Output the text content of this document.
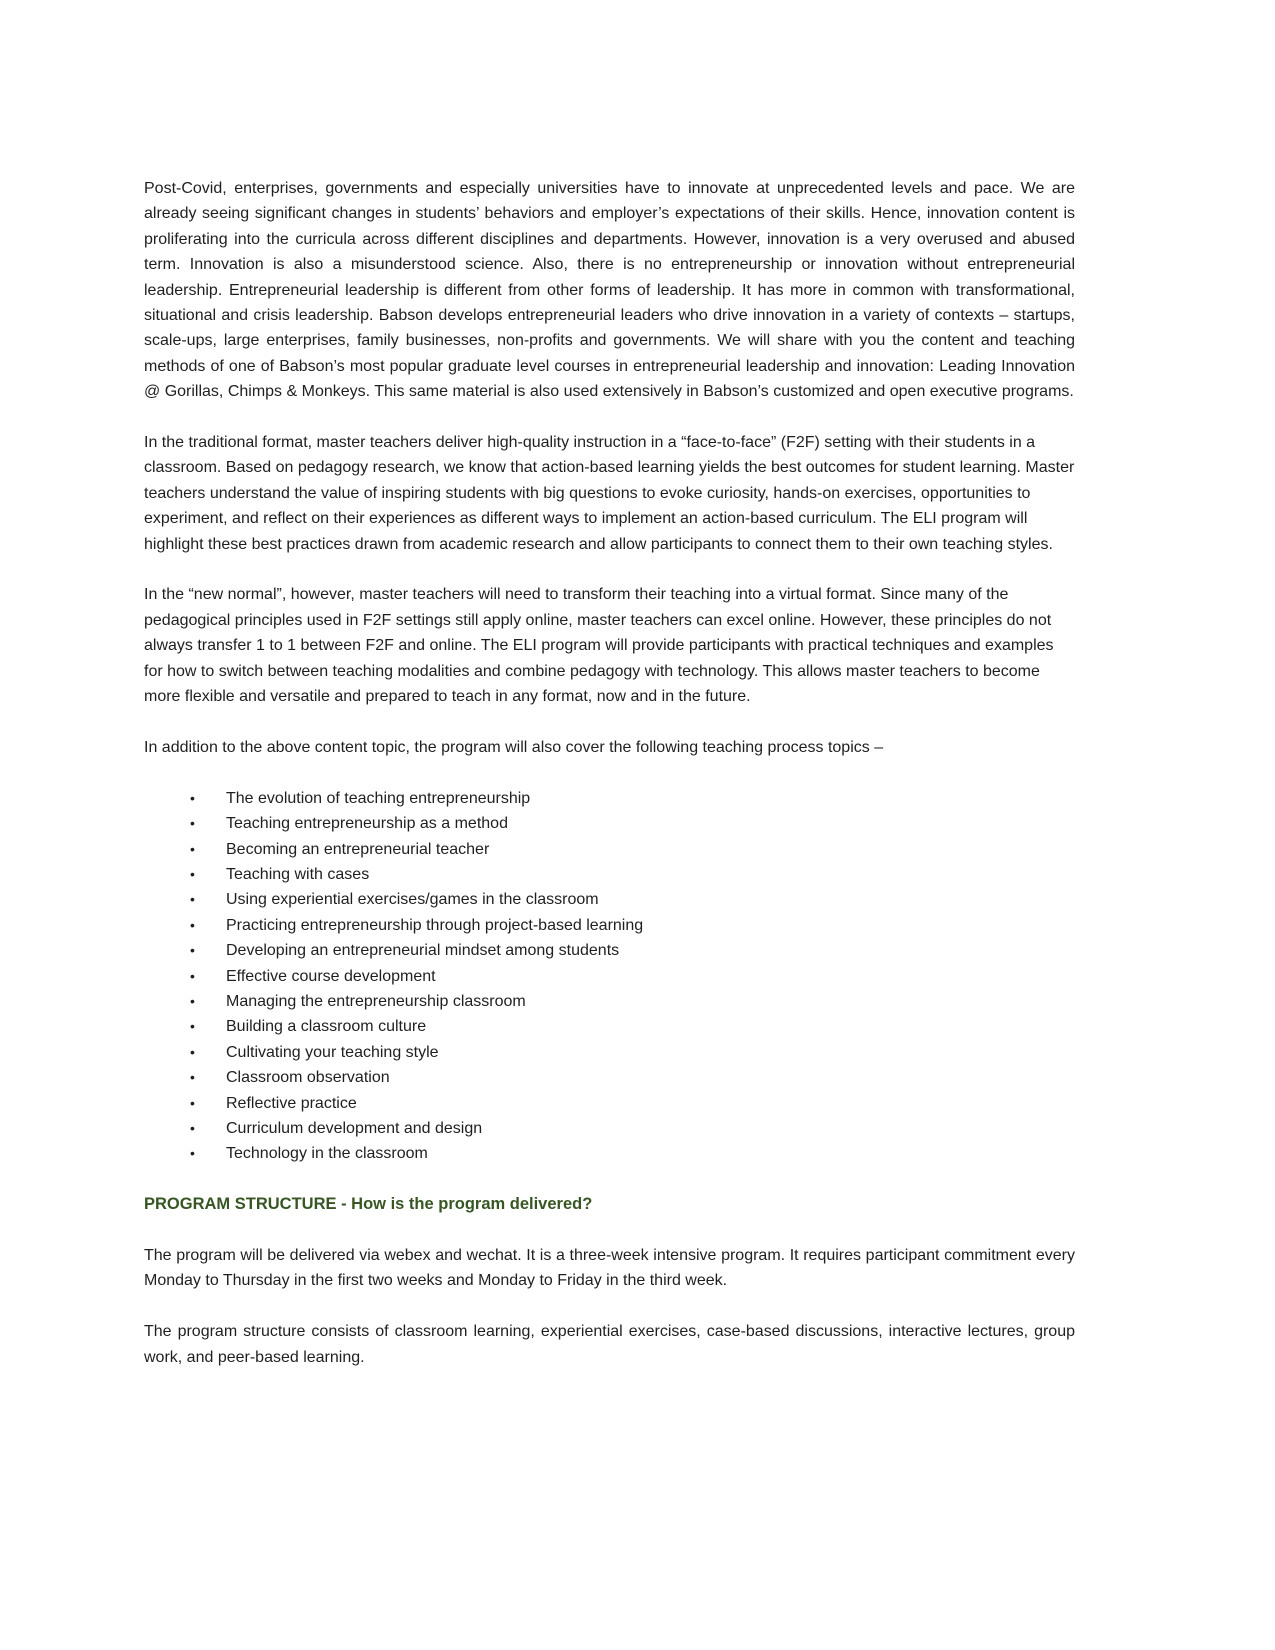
Post-Covid, enterprises, governments and especially universities have to innovate at unprecedented levels and pace. We are already seeing significant changes in students’ behaviors and employer’s expectations of their skills. Hence, innovation content is proliferating into the curricula across different disciplines and departments. However, innovation is a very overused and abused term. Innovation is also a misunderstood science. Also, there is no entrepreneurship or innovation without entrepreneurial leadership. Entrepreneurial leadership is different from other forms of leadership. It has more in common with transformational, situational and crisis leadership. Babson develops entrepreneurial leaders who drive innovation in a variety of contexts – startups, scale-ups, large enterprises, family businesses, non-profits and governments. We will share with you the content and teaching methods of one of Babson’s most popular graduate level courses in entrepreneurial leadership and innovation: Leading Innovation @ Gorillas, Chimps & Monkeys. This same material is also used extensively in Babson’s customized and open executive programs.

In the traditional format, master teachers deliver high-quality instruction in a “face-to-face” (F2F) setting with their students in a classroom. Based on pedagogy research, we know that action-based learning yields the best outcomes for student learning. Master teachers understand the value of inspiring students with big questions to evoke curiosity, hands-on exercises, opportunities to experiment, and reflect on their experiences as different ways to implement an action-based curriculum. The ELI program will highlight these best practices drawn from academic research and allow participants to connect them to their own teaching styles.

In the “new normal”, however, master teachers will need to transform their teaching into a virtual format. Since many of the pedagogical principles used in F2F settings still apply online, master teachers can excel online. However, these principles do not always transfer 1 to 1 between F2F and online. The ELI program will provide participants with practical techniques and examples for how to switch between teaching modalities and combine pedagogy with technology. This allows master teachers to become more flexible and versatile and prepared to teach in any format, now and in the future.

In addition to the above content topic, the program will also cover the following teaching process topics –

• The evolution of teaching entrepreneurship
• Teaching entrepreneurship as a method
• Becoming an entrepreneurial teacher
• Teaching with cases
• Using experiential exercises/games in the classroom
• Practicing entrepreneurship through project-based learning
• Developing an entrepreneurial mindset among students
• Effective course development
• Managing the entrepreneurship classroom
• Building a classroom culture
• Cultivating your teaching style
• Classroom observation
• Reflective practice
• Curriculum development and design
• Technology in the classroom
PROGRAM STRUCTURE - How is the program delivered?

The program will be delivered via webex and wechat. It is a three-week intensive program. It requires participant commitment every Monday to Thursday in the first two weeks and Monday to Friday in the third week.

The program structure consists of classroom learning, experiential exercises, case-based discussions, interactive lectures, group work, and peer-based learning.
